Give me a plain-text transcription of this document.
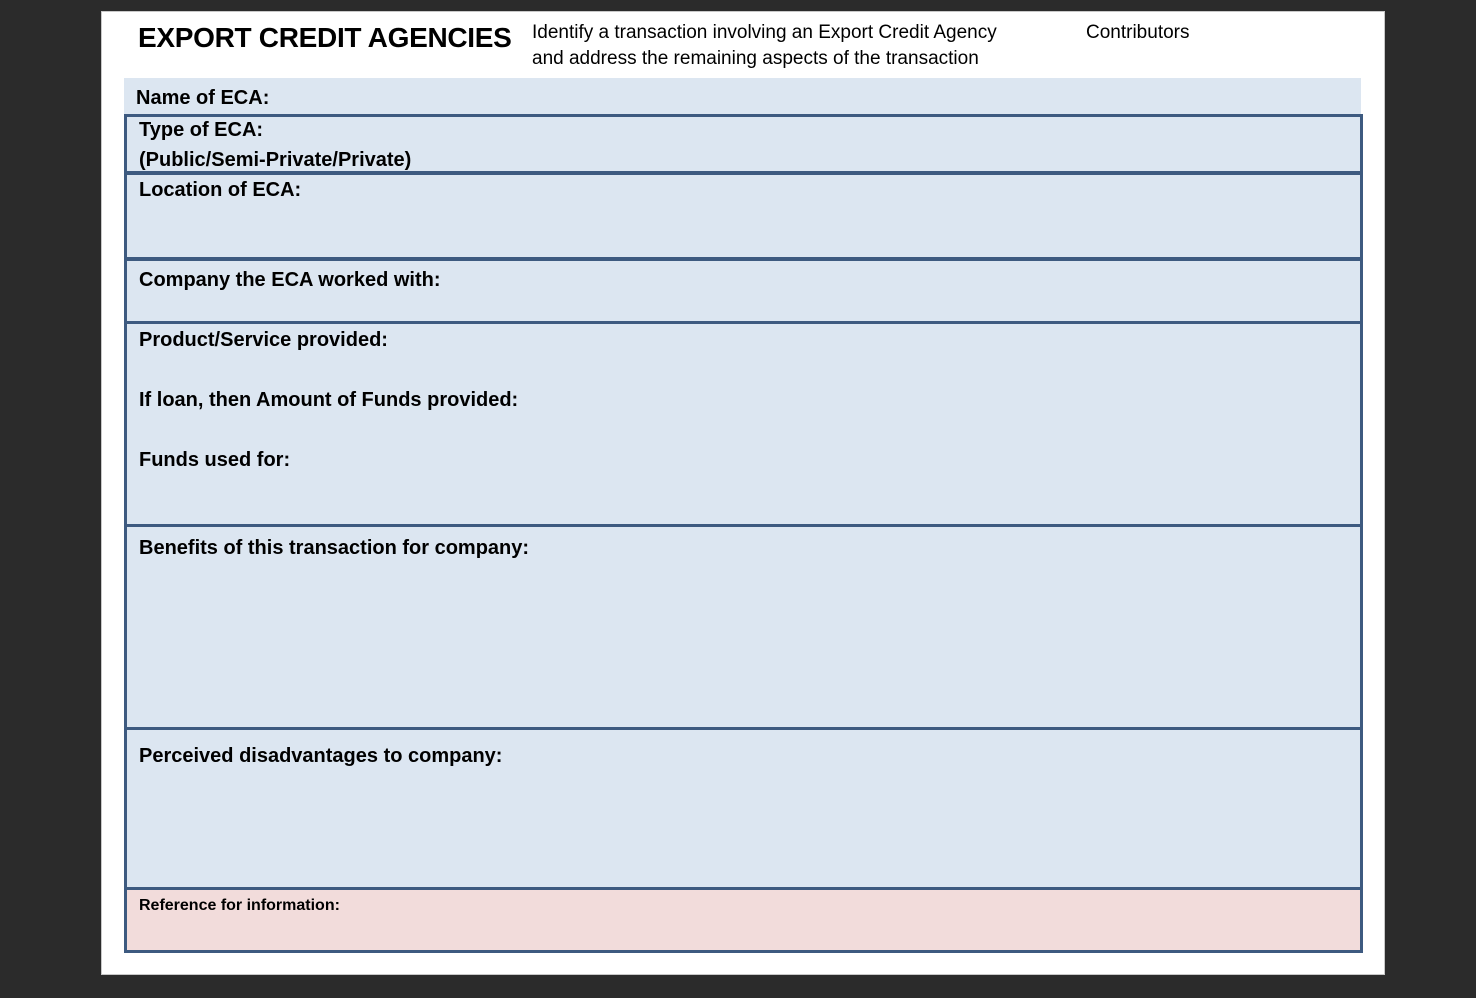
EXPORT CREDIT AGENCIES Identify a transaction involving an Export Credit Agency
and address the remaining aspects of the transaction
Contributors
Name of ECA:
Type of ECA:
(Public/Semi-Private/Private)
Location of ECA:
Company the ECA worked with:
Product/Service provided:
If loan, then Amount of Funds provided:
Funds used for:
Benefits of this transaction for company:
Perceived disadvantages to company:
Reference for information:
